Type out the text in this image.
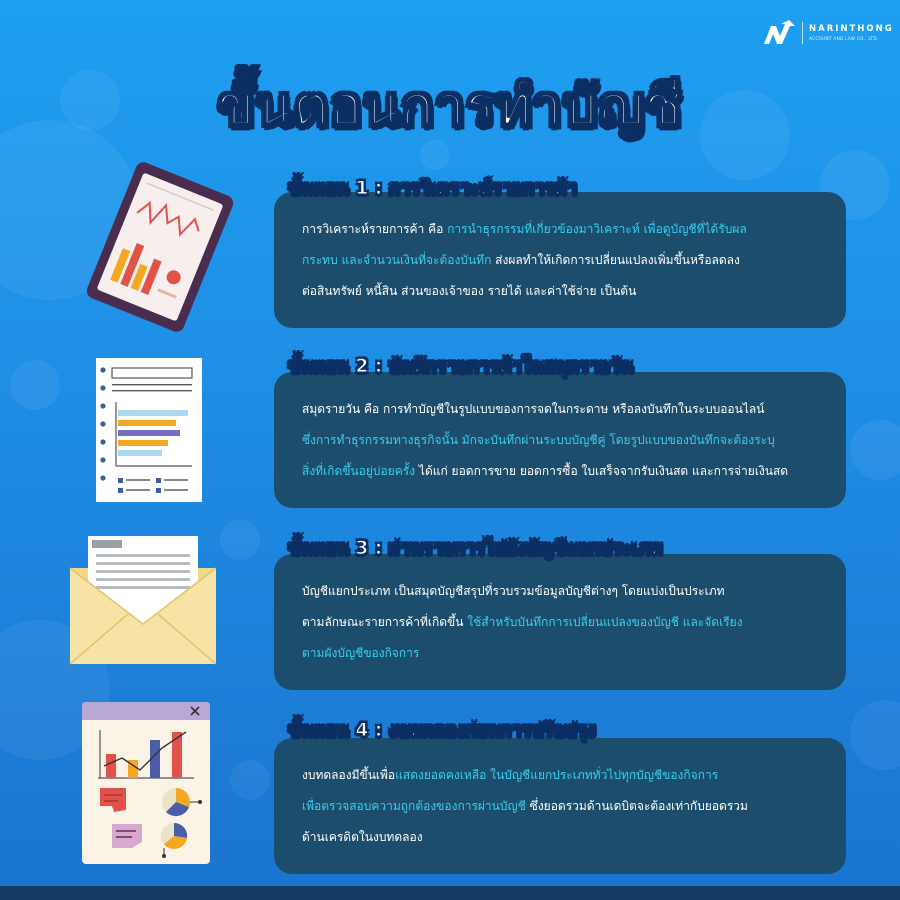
NARINTHONG
ACCOUNT AND LAW CO., LTD.
ขั้นตอนการทำบัญชี
ขั้นตอน 1 : การวิเคราะห์รายการค้า
ขั้นตอน 2 : บันทึกรายการค้าในสมุดรายวัน
ขั้นตอน 3 : ผ่านรายการไปยังบัญชีแยกประเภท
ขั้นตอน 4 : งบทดลองก่อนการปรับปรุง

การวิเคราะห์รายการค้า คือ การนำธุรกรรมที่เกี่ยวข้องมาวิเคราะห์ เพื่อดูบัญชีที่ได้รับผล

กระทบ และจำนวนเงินที่จะต้องบันทึก ส่งผลทำให้เกิดการเปลี่ยนแปลงเพิ่มขึ้นหรือลดลง

ต่อสินทรัพย์ หนี้สิน ส่วนของเจ้าของ รายได้ และค่าใช้จ่าย เป็นต้น

สมุดรายวัน คือ การทำบัญชีในรูปแบบของการจดในกระดาษ หรือลงบันทึกในระบบออนไลน์

ซึ่งการทำธุรกรรมทางธุรกิจนั้น มักจะบันทึกผ่านระบบบัญชีคู่ โดยรูปแบบของบันทึกจะต้องระบุ

สิ่งที่เกิดขึ้นอยู่บ่อยครั้ง ได้แก่ ยอดการขาย ยอดการซื้อ ใบเสร็จจากรับเงินสด และการจ่ายเงินสด

บัญชีแยกประเภท เป็นสมุดบัญชีสรุปที่รวบรวมข้อมูลบัญชีต่างๆ โดยแบ่งเป็นประเภท

ตามลักษณะรายการค้าที่เกิดขึ้น ใช้สำหรับบันทึกการเปลี่ยนแปลงของบัญชี และจัดเรียง

ตามผังบัญชีของกิจการ

งบทดลองมีขึ้นเพื่อแสดงยอดคงเหลือ ในบัญชีแยกประเภททั่วไปทุกบัญชีของกิจการ

เพื่อตรวจสอบความถูกต้องของการผ่านบัญชี ซึ่งยอดรวมด้านเดบิตจะต้องเท่ากับยอดรวม

ด้านเครดิตในงบทดลอง
